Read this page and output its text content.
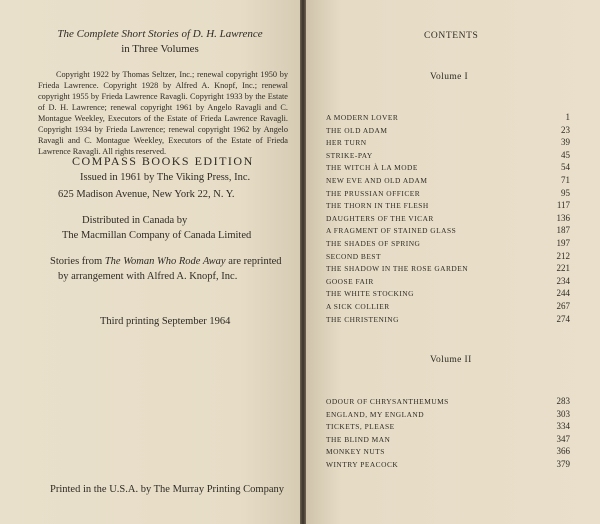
The Complete Short Stories of D. H. Lawrence
in Three Volumes
Copyright 1922 by Thomas Seltzer, Inc.; renewal copyright 1950 by Frieda Lawrence. Copyright 1928 by Alfred A. Knopf, Inc.; renewal copyright 1955 by Frieda Lawrence Ravagli. Copyright 1933 by the Estate of D. H. Lawrence; renewal copyright 1961 by Angelo Ravagli and C. Montague Weekley, Executors of the Estate of Frieda Lawrence Ravagli. Copyright 1934 by Frieda Lawrence; renewal copyright 1962 by Angelo Ravagli and C. Montague Weekley, Executors of the Estate of Frieda Lawrence Ravagli. All rights reserved.
COMPASS BOOKS EDITION
Issued in 1961 by The Viking Press, Inc.
625 Madison Avenue, New York 22, N. Y.
Distributed in Canada by
The Macmillan Company of Canada Limited
Stories from The Woman Who Rode Away are reprinted
by arrangement with Alfred A. Knopf, Inc.
Third printing September 1964
Printed in the U.S.A. by The Murray Printing Company
CONTENTS
Volume I
A MODERN LOVER	1
THE OLD ADAM	23
HER TURN	39
STRIKE-PAY	45
THE WITCH À LA MODE	54
NEW EVE AND OLD ADAM	71
THE PRUSSIAN OFFICER	95
THE THORN IN THE FLESH	117
DAUGHTERS OF THE VICAR	136
A FRAGMENT OF STAINED GLASS	187
THE SHADES OF SPRING	197
SECOND BEST	212
THE SHADOW IN THE ROSE GARDEN	221
GOOSE FAIR	234
THE WHITE STOCKING	244
A SICK COLLIER	267
THE CHRISTENING	274
Volume II
ODOUR OF CHRYSANTHEMUMS	283
ENGLAND, MY ENGLAND	303
TICKETS, PLEASE	334
THE BLIND MAN	347
MONKEY NUTS	366
WINTRY PEACOCK	379
